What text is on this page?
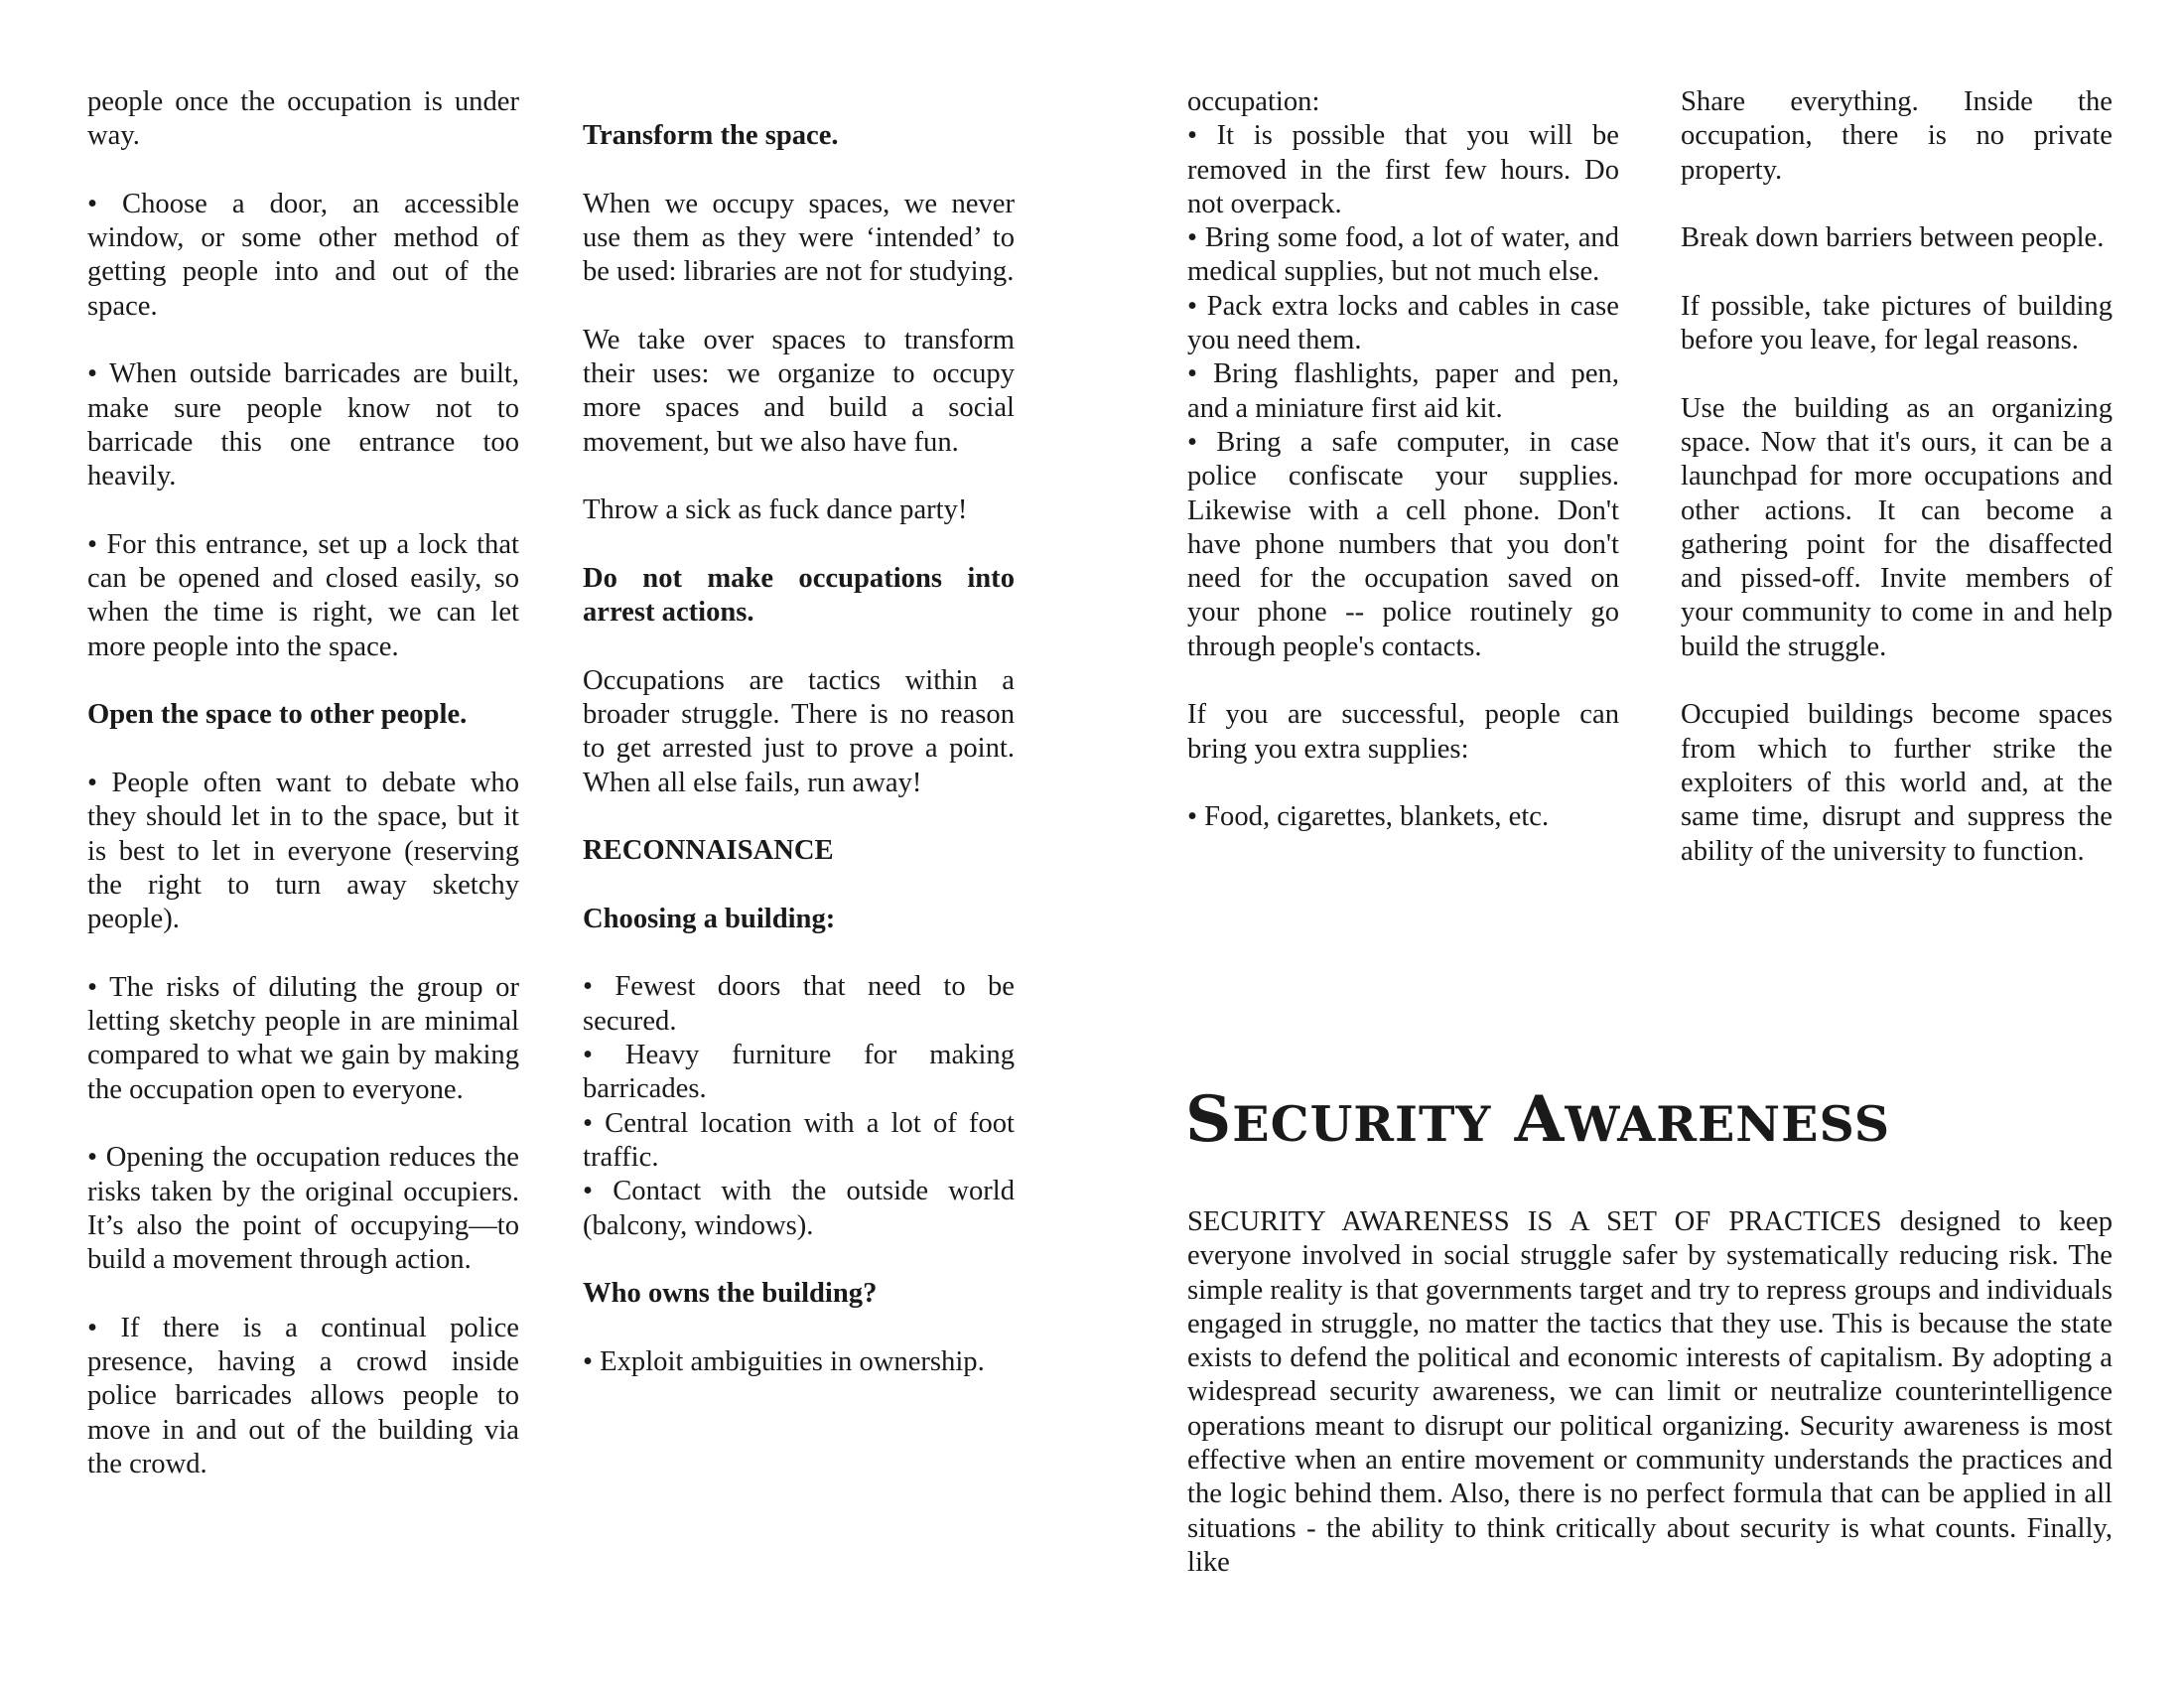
people once the occupation is under way.

• Choose a door, an accessible window, or some other method of getting people into and out of the space.

• When outside barricades are built, make sure people know not to barricade this one entrance too heavily.

• For this entrance, set up a lock that can be opened and closed easily, so when the time is right, we can let more people into the space.

Open the space to other people.

• People often want to debate who they should let in to the space, but it is best to let in everyone (reserving the right to turn away sketchy people).

• The risks of diluting the group or letting sketchy people in are minimal compared to what we gain by making the occupation open to everyone.

• Opening the occupation reduces the risks taken by the original occupiers. It’s also the point of occupying—to build a movement through action.

• If there is a continual police presence, having a crowd inside police barricades allows people to move in and out of the building via the crowd.

Transform the space.

When we occupy spaces, we never use them as they were ‘intended’ to be used: libraries are not for studying.

We take over spaces to transform their uses: we organize to occupy more spaces and build a social movement, but we also have fun.

Throw a sick as fuck dance party!

Do not make occupations into arrest actions.

Occupations are tactics within a broader struggle. There is no reason to get arrested just to prove a point. When all else fails, run away!

RECONNAISANCE

Choosing a building:

• Fewest doors that need to be secured.

• Heavy furniture for making barricades.

• Central location with a lot of foot traffic.

• Contact with the outside world (balcony, windows).

Who owns the building?

• Exploit ambiguities in ownership.

occupation:

• It is possible that you will be removed in the first few hours. Do not overpack.

• Bring some food, a lot of water, and medical supplies, but not much else.

• Pack extra locks and cables in case you need them.

• Bring flashlights, paper and pen, and a miniature first aid kit.

• Bring a safe computer, in case police confiscate your supplies. Likewise with a cell phone. Don't have phone numbers that you don't need for the occupation saved on your phone -- police routinely go through people's contacts.

If you are successful, people can bring you extra supplies:

• Food, cigarettes, blankets, etc.

Share everything. Inside the occupation, there is no private property.

Break down barriers between people.

If possible, take pictures of building before you leave, for legal reasons.

Use the building as an organizing space. Now that it's ours, it can be a launchpad for more occupations and other actions. It can become a gathering point for the disaffected and pissed-off. Invite members of your community to come in and help build the struggle.

Occupied buildings become spaces from which to further strike the exploiters of this world and, at the same time, disrupt and suppress the ability of the university to function.

SECURITY AWARENESS

SECURITY AWARENESS IS A SET OF PRACTICES designed to keep everyone involved in social struggle safer by systematically reducing risk. The simple reality is that governments target and try to repress groups and individuals engaged in struggle, no matter the tactics that they use. This is because the state exists to defend the political and economic interests of capitalism. By adopting a widespread security awareness, we can limit or neutralize counterintelligence operations meant to disrupt our political organizing. Security awareness is most effective when an entire movement or community understands the practices and the logic behind them. Also, there is no perfect formula that can be applied in all situations - the ability to think critically about security is what counts. Finally, like
